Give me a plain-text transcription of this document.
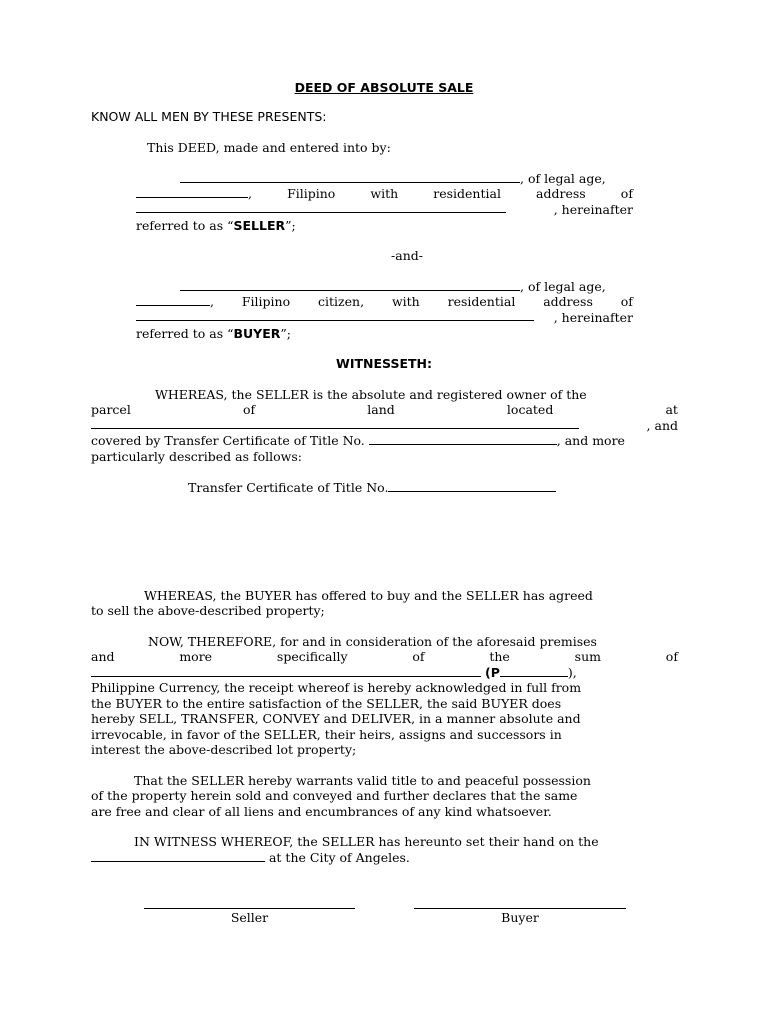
DEED OF ABSOLUTE SALE
KNOW ALL MEN BY THESE PRESENTS:
This DEED, made and entered into by:
, of legal age,
,	Filipino	with	residential	address	of
, hereinafter
referred to as “SELLER”;
-and-
, of legal age,
, Filipino citizen, with residential address of
, hereinafter
referred to as “BUYER”;
WITNESSETH:
WHEREAS, the SELLER is the absolute and registered owner of the
parcel	of	land	located	at
, and
covered by Transfer Certificate of Title No.	, and more
particularly described as follows:
Transfer Certificate of Title No.
WHEREAS, the BUYER has offered to buy and the SELLER has agreed
to sell the above-described property;
NOW, THEREFORE, for and in consideration of the aforesaid premises
and	more	specifically	of	the	sum	of
(P	),
Philippine Currency, the receipt whereof is hereby acknowledged in full from
the BUYER to the entire satisfaction of the SELLER, the said BUYER does
hereby SELL, TRANSFER, CONVEY and DELIVER, in a manner absolute and
irrevocable, in favor of the SELLER, their heirs, assigns and successors in
interest the above-described lot property;
That the SELLER hereby warrants valid title to and peaceful possession
of the property herein sold and conveyed and further declares that the same
are free and clear of all liens and encumbrances of any kind whatsoever.
IN WITNESS WHEREOF, the SELLER has hereunto set their hand on the
at the City of Angeles.
Seller	Buyer
